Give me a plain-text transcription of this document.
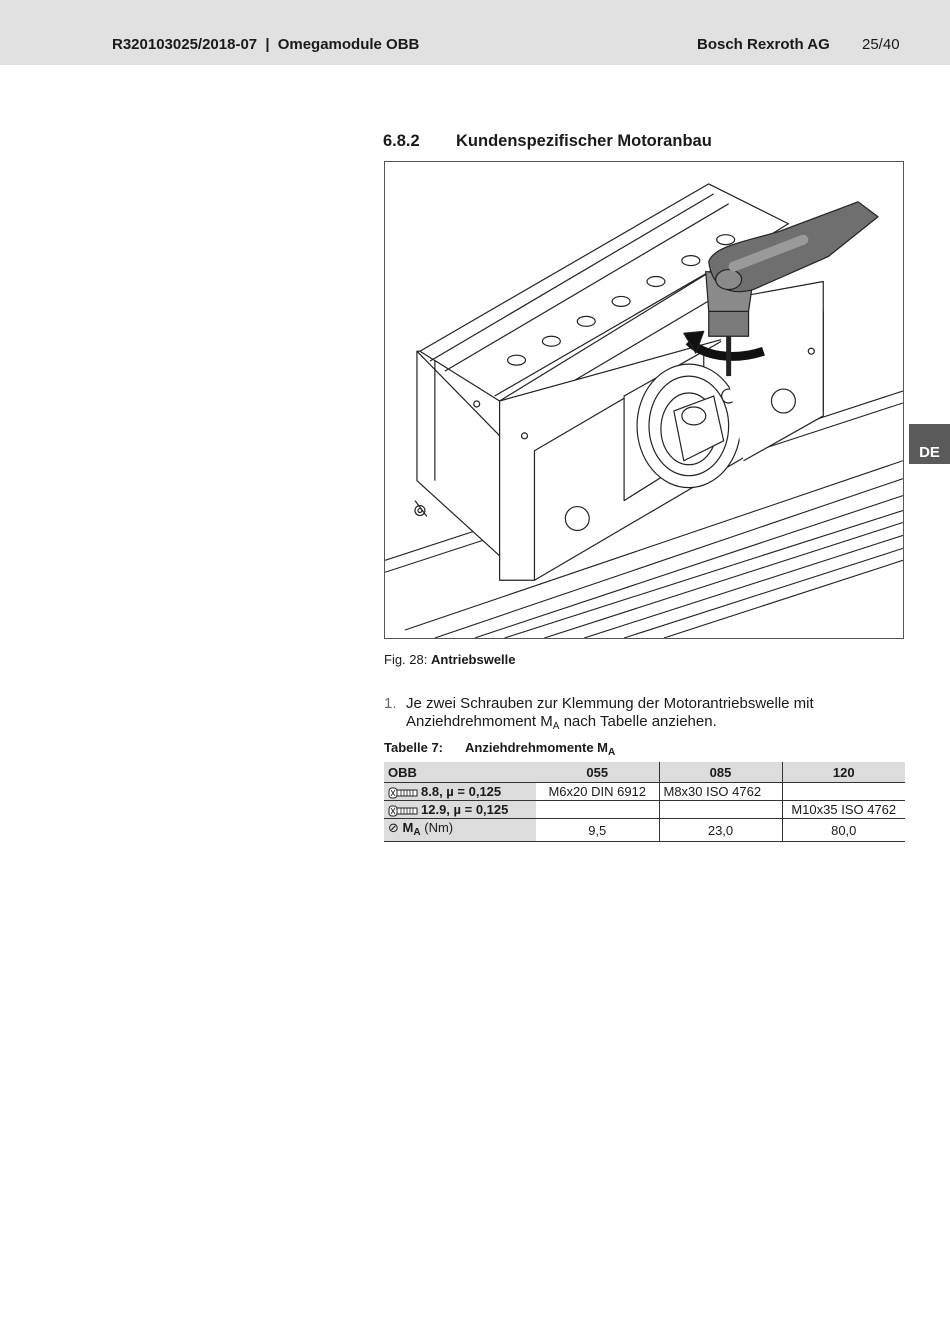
R320103025/2018-07 | Omegamodule OBB	Bosch Rexroth AG 25/40
DE
6.8.2 Kundenspezifischer Motoranbau
Fig. 28: Antriebswelle
1. Je zwei Schrauben zur Klemmung der Motorantriebswelle mit Anziehdrehmoment $M_A$ nach Tabelle anziehen.
Tabelle 7: Anziehdrehmomente $M_A$
OBB	055	085	120
8.8, µ = 0,125	M6x20 DIN 6912	M8x30 ISO 4762	
12.9, µ = 0,125			M10x35 ISO 4762
⊘ $M_A$ (Nm)	9,5	23,0	80,0
